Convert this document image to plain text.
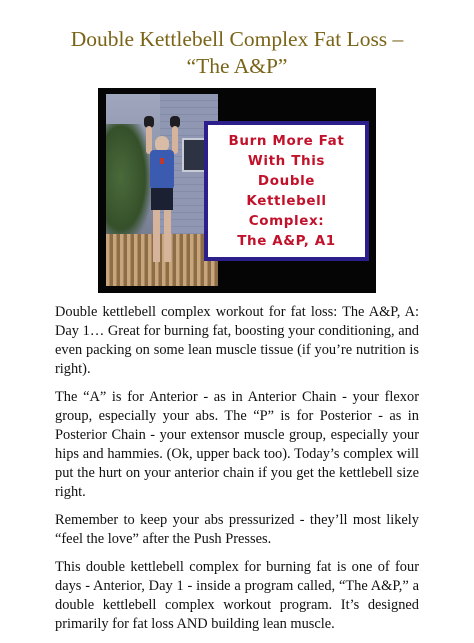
Double Kettlebell Complex Fat Loss –
“The A&P”
Burn More Fat
With This
Double
Kettlebell
Complex:
The A&P, A1

Double kettlebell complex workout for fat loss: The A&P, A: Day 1… Great for burning fat, boosting your conditioning, and even packing on some lean muscle tissue (if you’re nutrition is right).

The “A” is for Anterior - as in Anterior Chain - your flexor group, especially your abs. The “P” is for Posterior - as in Posterior Chain - your extensor muscle group, especially your hips and hammies. (Ok, upper back too). Today’s complex will put the hurt on your anterior chain if you get the kettlebell size right.

Remember to keep your abs pressurized - they’ll most likely “feel the love” after the Push Presses.

This double kettlebell complex for burning fat is one of four days - Anterior, Day 1 - inside a program called, “The A&P,” a double kettlebell complex workout program. It’s designed primarily for fat loss AND building lean muscle.
